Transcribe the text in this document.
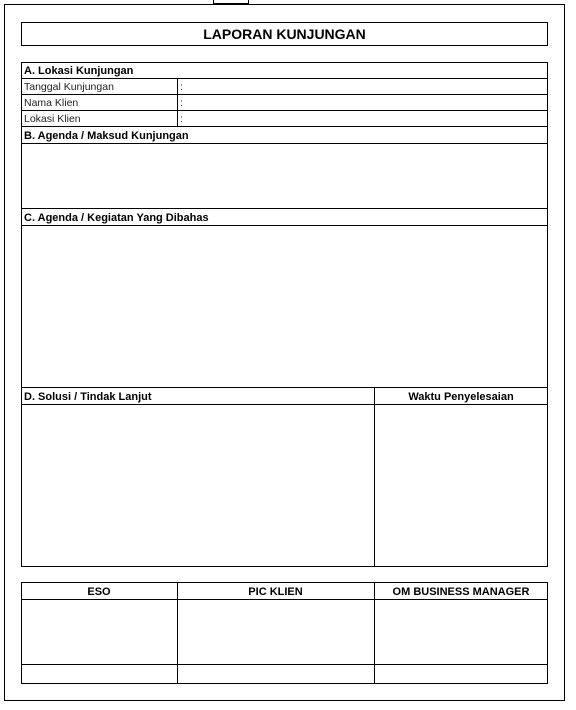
LAPORAN KUNJUNGAN
A. Lokasi Kunjungan
Tanggal Kunjungan	:
Nama Klien	:
Lokasi Klien	:
B. Agenda / Maksud Kunjungan
C. Agenda / Kegiatan Yang Dibahas
D. Solusi / Tindak Lanjut	Waktu Penyelesaian
ESO	PIC KLIEN	OM BUSINESS MANAGER
